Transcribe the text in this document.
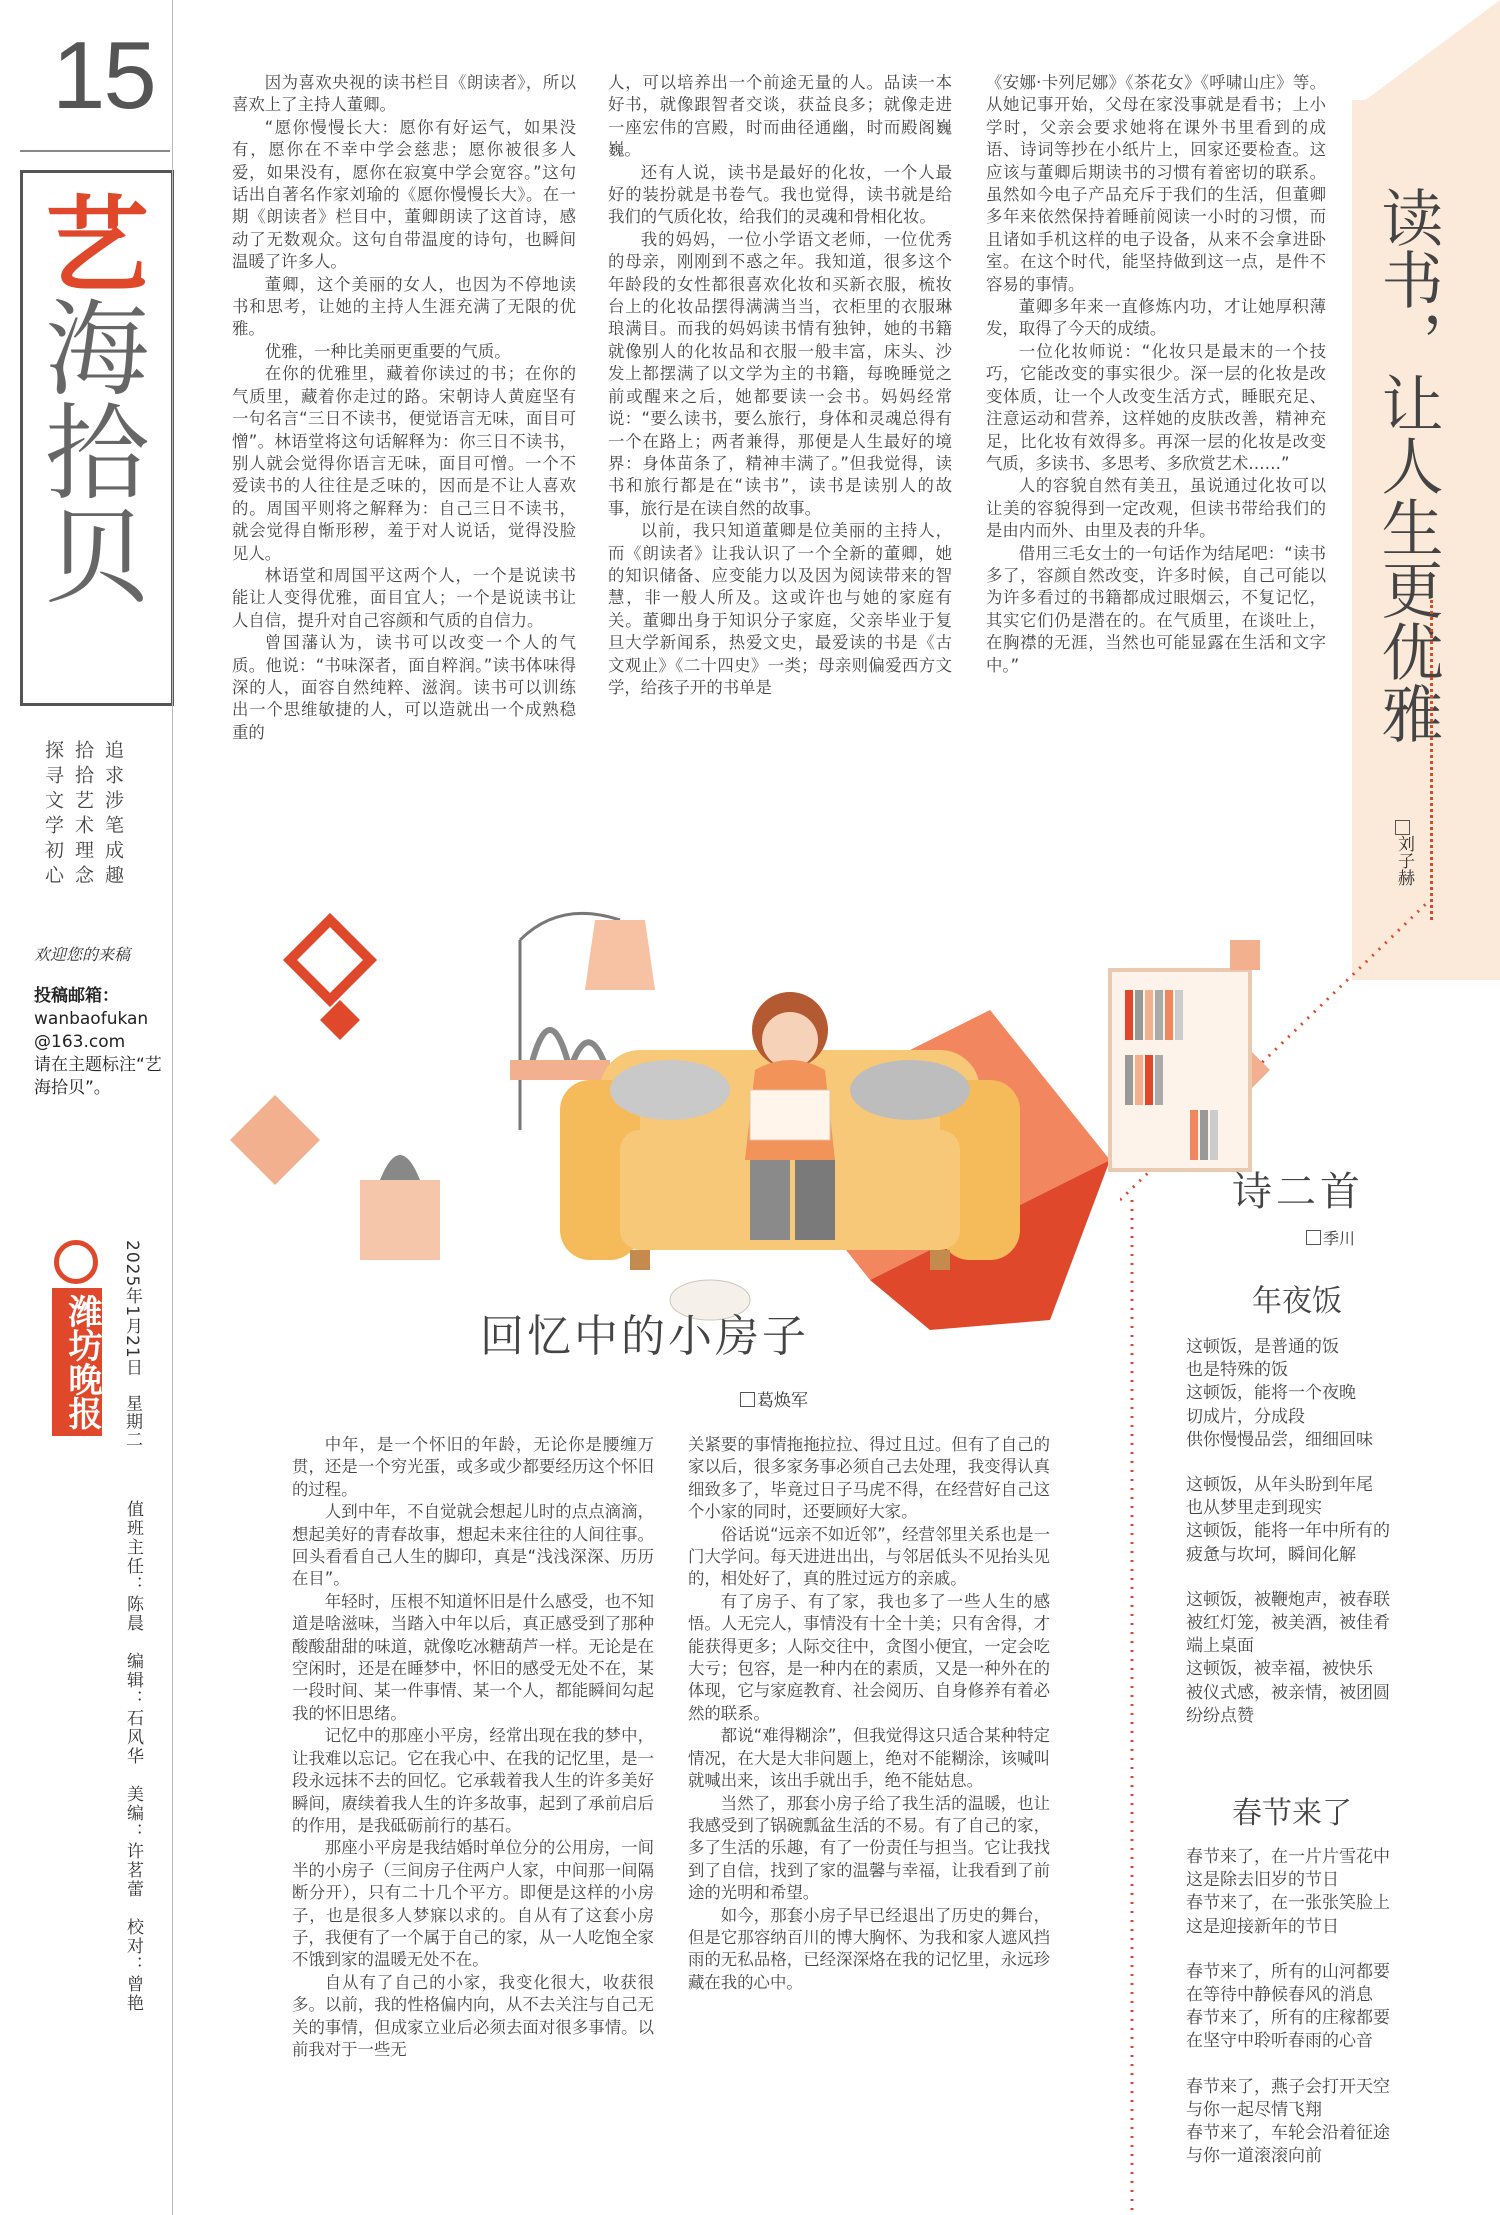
15
艺海拾贝
追求涉笔成趣
拾拾艺术理念
探寻文学初心
欢迎您的来稿
投稿邮箱：
wanbaofukan@163.com
请在主题标注“艺海拾贝”。
潍坊晚报 2025年1月21日　星期二
值班主任：陈晨　编辑：石风华　美编：许茗蕾　校对：曾艳

因为喜欢央视的读书栏目《朗读者》，所以喜欢上了主持人董卿。

“愿你慢慢长大：愿你有好运气，如果没有，愿你在不幸中学会慈悲；愿你被很多人爱，如果没有，愿你在寂寞中学会宽容。”这句话出自著名作家刘瑜的《愿你慢慢长大》。在一期《朗读者》栏目中，董卿朗读了这首诗，感动了无数观众。这句自带温度的诗句，也瞬间温暖了许多人。

董卿，这个美丽的女人，也因为不停地读书和思考，让她的主持人生涯充满了无限的优雅。

优雅，一种比美丽更重要的气质。

在你的优雅里，藏着你读过的书；在你的气质里，藏着你走过的路。宋朝诗人黄庭坚有一句名言“三日不读书，便觉语言无味，面目可憎”。林语堂将这句话解释为：你三日不读书，别人就会觉得你语言无味，面目可憎。一个不爱读书的人往往是乏味的，因而是不让人喜欢的。周国平则将之解释为：自己三日不读书，就会觉得自惭形秽，羞于对人说话，觉得没脸见人。

林语堂和周国平这两个人，一个是说读书能让人变得优雅，面目宜人；一个是说读书让人自信，提升对自己容颜和气质的自信力。

曾国藩认为，读书可以改变一个人的气质。他说：“书味深者，面自粹润。”读书体味得深的人，面容自然纯粹、滋润。读书可以训练出一个思维敏捷的人，可以造就出一个成熟稳重的

人，可以培养出一个前途无量的人。品读一本好书，就像跟智者交谈，获益良多；就像走进一座宏伟的宫殿，时而曲径通幽，时而殿阁巍巍。

还有人说，读书是最好的化妆，一个人最好的装扮就是书卷气。我也觉得，读书就是给我们的气质化妆，给我们的灵魂和骨相化妆。

我的妈妈，一位小学语文老师，一位优秀的母亲，刚刚到不惑之年。我知道，很多这个年龄段的女性都很喜欢化妆和买新衣服，梳妆台上的化妆品摆得满满当当，衣柜里的衣服琳琅满目。而我的妈妈读书情有独钟，她的书籍就像别人的化妆品和衣服一般丰富，床头、沙发上都摆满了以文学为主的书籍，每晚睡觉之前或醒来之后，她都要读一会书。妈妈经常说：“要么读书，要么旅行，身体和灵魂总得有一个在路上；两者兼得，那便是人生最好的境界：身体苗条了，精神丰满了。”但我觉得，读书和旅行都是在“读书”，读书是读别人的故事，旅行是在读自然的故事。

以前，我只知道董卿是位美丽的主持人，而《朗读者》让我认识了一个全新的董卿，她的知识储备、应变能力以及因为阅读带来的智慧，非一般人所及。这或许也与她的家庭有关。董卿出身于知识分子家庭，父亲毕业于复旦大学新闻系，热爱文史，最爱读的书是《古文观止》《二十四史》一类；母亲则偏爱西方文学，给孩子开的书单是

《安娜·卡列尼娜》《茶花女》《呼啸山庄》等。从她记事开始，父母在家没事就是看书；上小学时，父亲会要求她将在课外书里看到的成语、诗词等抄在小纸片上，回家还要检查。这应该与董卿后期读书的习惯有着密切的联系。虽然如今电子产品充斥于我们的生活，但董卿多年来依然保持着睡前阅读一小时的习惯，而且诸如手机这样的电子设备，从来不会拿进卧室。在这个时代，能坚持做到这一点，是件不容易的事情。

董卿多年来一直修炼内功，才让她厚积薄发，取得了今天的成绩。

一位化妆师说：“化妆只是最末的一个技巧，它能改变的事实很少。深一层的化妆是改变体质，让一个人改变生活方式，睡眠充足、注意运动和营养，这样她的皮肤改善，精神充足，比化妆有效得多。再深一层的化妆是改变气质，多读书、多思考、多欣赏艺术……”

人的容貌自然有美丑，虽说通过化妆可以让美的容貌得到一定改观，但读书带给我们的是由内而外、由里及表的升华。

借用三毛女士的一句话作为结尾吧：“读书多了，容颜自然改变，许多时候，自己可能以为许多看过的书籍都成过眼烟云，不复记忆，其实它们仍是潜在的。在气质里，在谈吐上，在胸襟的无涯，当然也可能显露在生活和文字中。”	读书，让人生更优雅
刘子赫
回忆中的小房子
葛焕军

中年，是一个怀旧的年龄，无论你是腰缠万贯，还是一个穷光蛋，或多或少都要经历这个怀旧的过程。

人到中年，不自觉就会想起儿时的点点滴滴，想起美好的青春故事，想起未来往往的人间往事。回头看看自己人生的脚印，真是“浅浅深深、历历在目”。

年轻时，压根不知道怀旧是什么感受，也不知道是啥滋味，当踏入中年以后，真正感受到了那种酸酸甜甜的味道，就像吃冰糖葫芦一样。无论是在空闲时，还是在睡梦中，怀旧的感受无处不在，某一段时间、某一件事情、某一个人，都能瞬间勾起我的怀旧思绪。

记忆中的那座小平房，经常出现在我的梦中，让我难以忘记。它在我心中、在我的记忆里，是一段永远抹不去的回忆。它承载着我人生的许多美好瞬间，赓续着我人生的许多故事，起到了承前启后的作用，是我砥砺前行的基石。

那座小平房是我结婚时单位分的公用房，一间半的小房子（三间房子住两户人家，中间那一间隔断分开），只有二十几个平方。即便是这样的小房子，也是很多人梦寐以求的。自从有了这套小房子，我便有了一个属于自己的家，从一人吃饱全家不饿到家的温暖无处不在。

自从有了自己的小家，我变化很大，收获很多。以前，我的性格偏内向，从不去关注与自己无关的事情，但成家立业后必须去面对很多事情。以前我对于一些无

关紧要的事情拖拖拉拉、得过且过。但有了自己的家以后，很多家务事必须自己去处理，我变得认真细致多了，毕竟过日子马虎不得，在经营好自己这个小家的同时，还要顾好大家。

俗话说“远亲不如近邻”，经营邻里关系也是一门大学问。每天进进出出，与邻居低头不见抬头见的，相处好了，真的胜过远方的亲戚。

有了房子、有了家，我也多了一些人生的感悟。人无完人，事情没有十全十美；只有舍得，才能获得更多；人际交往中，贪图小便宜，一定会吃大亏；包容，是一种内在的素质，又是一种外在的体现，它与家庭教育、社会阅历、自身修养有着必然的联系。

都说“难得糊涂”，但我觉得这只适合某种特定情况，在大是大非问题上，绝对不能糊涂，该喊叫就喊出来，该出手就出手，绝不能姑息。

当然了，那套小房子给了我生活的温暖，也让我感受到了锅碗瓢盆生活的不易。有了自己的家，多了生活的乐趣，有了一份责任与担当。它让我找到了自信，找到了家的温馨与幸福，让我看到了前途的光明和希望。

如今，那套小房子早已经退出了历史的舞台，但是它那容纳百川的博大胸怀、为我和家人遮风挡雨的无私品格，已经深深烙在我的记忆里，永远珍藏在我的心中。

诗二首
季川
年夜饭
这顿饭，是普通的饭
也是特殊的饭
这顿饭，能将一个夜晚
切成片，分成段
供你慢慢品尝，细细回味
这顿饭，从年头盼到年尾
也从梦里走到现实
这顿饭，能将一年中所有的
疲惫与坎坷，瞬间化解
这顿饭，被鞭炮声，被春联
被红灯笼，被美酒，被佳肴
端上桌面
这顿饭，被幸福，被快乐
被仪式感，被亲情，被团圆
纷纷点赞
春节来了
春节来了，在一片片雪花中
这是除去旧岁的节日
春节来了，在一张张笑脸上
这是迎接新年的节日
春节来了，所有的山河都要
在等待中静候春风的消息
春节来了，所有的庄稼都要
在坚守中聆听春雨的心音
春节来了，燕子会打开天空
与你一起尽情飞翔
春节来了，车轮会沿着征途
与你一道滚滚向前
